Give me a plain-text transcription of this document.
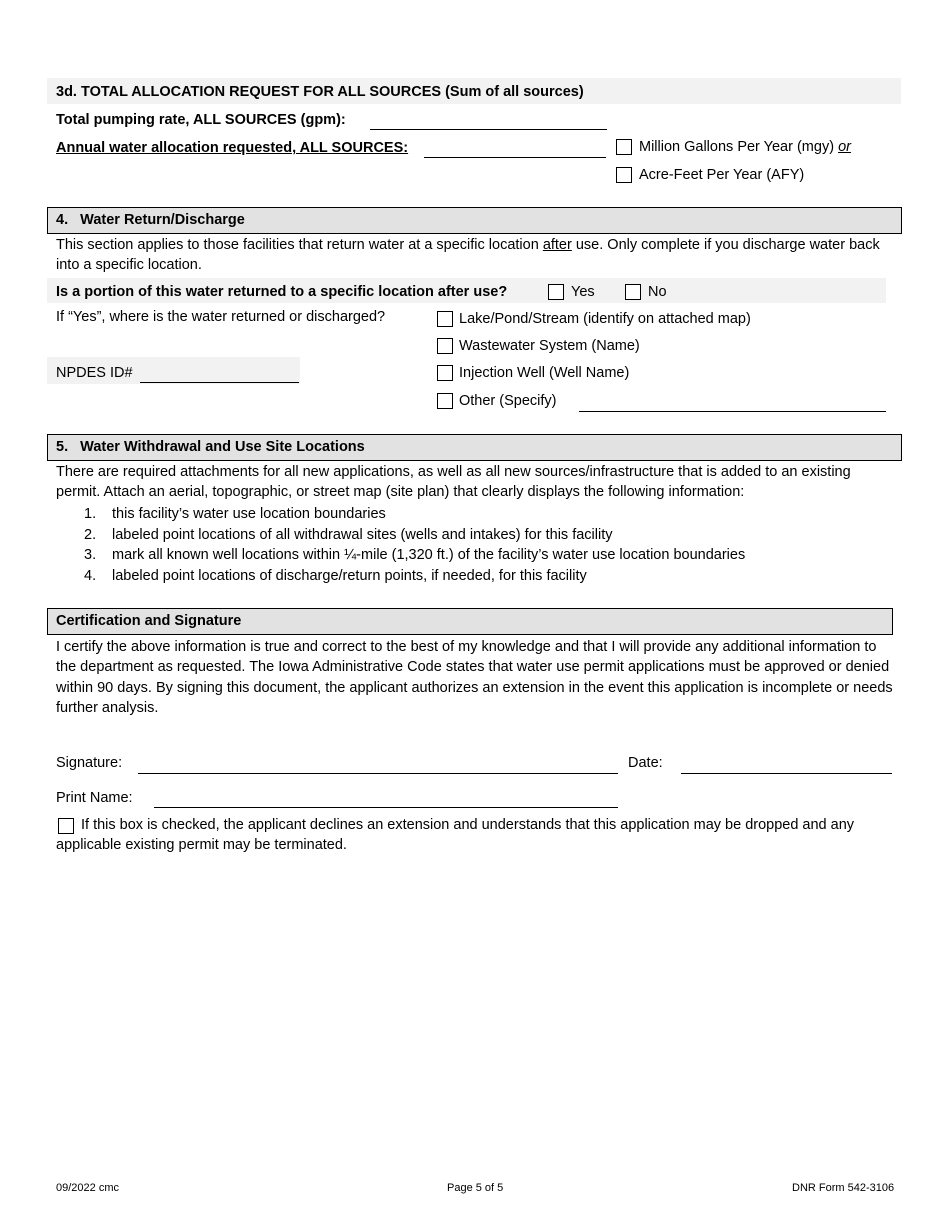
3d. TOTAL ALLOCATION REQUEST FOR ALL SOURCES (Sum of all sources)
Total pumping rate, ALL SOURCES (gpm):
Annual water allocation requested, ALL SOURCES:	Million Gallons Per Year (mgy) or
Acre-Feet Per Year (AFY)
4.   Water Return/Discharge
This section applies to those facilities that return water at a specific location after use. Only complete if you discharge water back into a specific location.
Is a portion of this water returned to a specific location after use?	Yes	No
If “Yes”, where is the water returned or discharged?
NPDES ID#
Lake/Pond/Stream (identify on attached map)
Wastewater System (Name)
Injection Well (Well Name)
Other (Specify)
5.   Water Withdrawal and Use Site Locations
There are required attachments for all new applications, as well as all new sources/infrastructure that is added to an existing permit. Attach an aerial, topographic, or street map (site plan) that clearly displays the following information:
1. this facility’s water use location boundaries
2. labeled point locations of all withdrawal sites (wells and intakes) for this facility
3. mark all known well locations within ¼-mile (1,320 ft.) of the facility’s water use location boundaries
4. labeled point locations of discharge/return points, if needed, for this facility
Certification and Signature
I certify the above information is true and correct to the best of my knowledge and that I will provide any additional information to the department as requested. The Iowa Administrative Code states that water use permit applications must be approved or denied within 90 days. By signing this document, the applicant authorizes an extension in the event this application is incomplete or needs further analysis.
Signature:	Date:
Print Name:
If this box is checked, the applicant declines an extension and understands that this application may be dropped and any applicable existing permit may be terminated.
09/2022 cmc	Page 5 of 5	DNR Form 542-3106
